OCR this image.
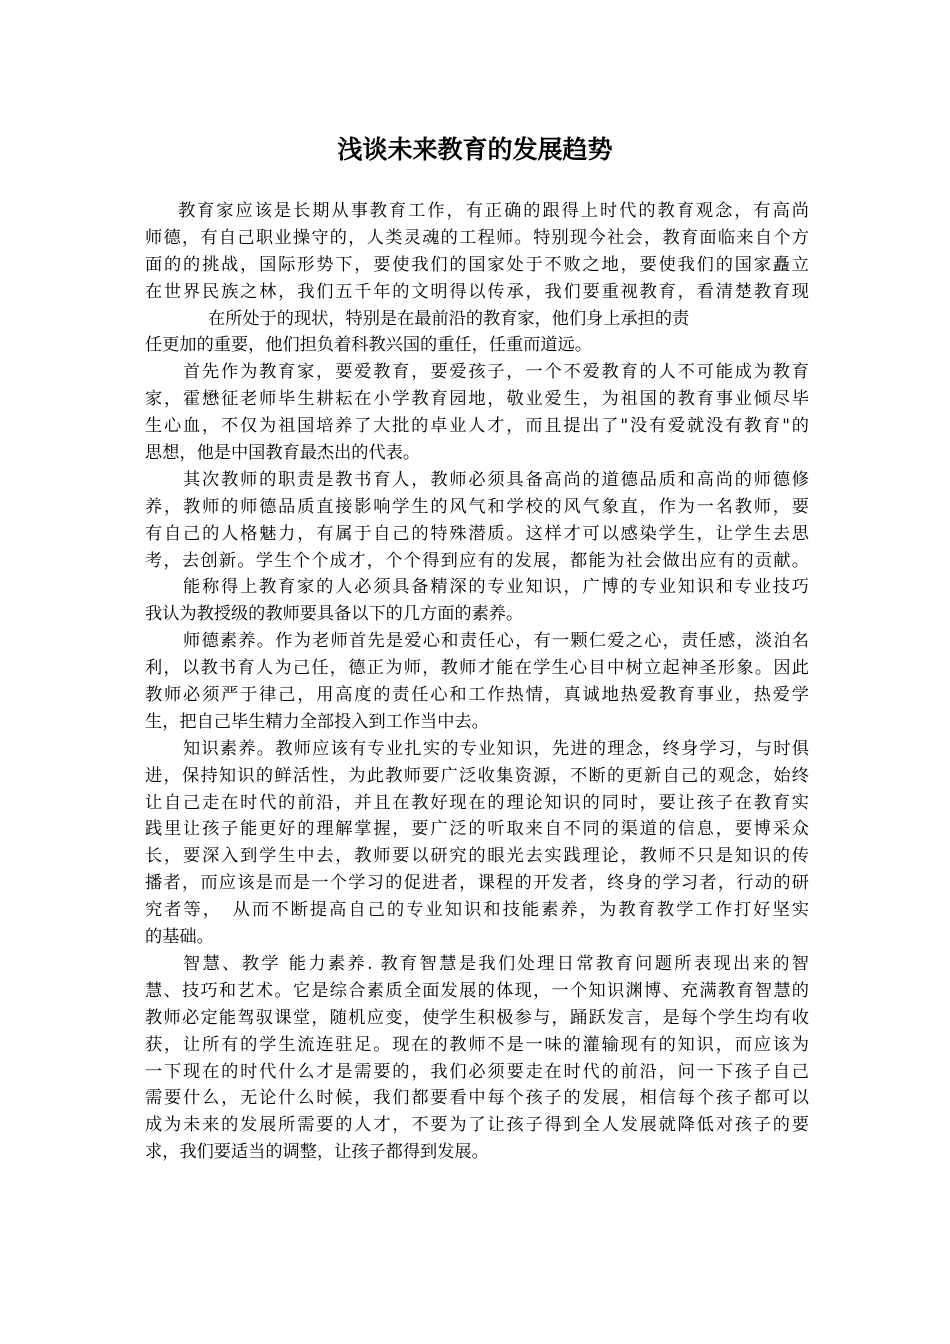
浅谈未来教育的发展趋势
教育家应该是长期从事教育工作，有正确的跟得上时代的教育观念，有高尚
师德，有自己职业操守的，人类灵魂的工程师。特别现今社会，教育面临来自个方
面的的挑战，国际形势下，要使我们的国家处于不败之地，要使我们的国家矗立
在世界民族之林，我们五千年的文明得以传承，我们要重视教育，看清楚教育现
在所处于的现状，特别是在最前沿的教育家，他们身上承担的责
任更加的重要，他们担负着科教兴国的重任，任重而道远。
首先作为教育家，要爱教育，要爱孩子，一个不爱教育的人不可能成为教育
家，霍懋征老师毕生耕耘在小学教育园地，敬业爱生，为祖国的教育事业倾尽毕
生心血，不仅为祖国培养了大批的卓业人才，而且提出了"没有爱就没有教育"的
思想，他是中国教育最杰出的代表。
其次教师的职责是教书育人，教师必须具备高尚的道德品质和高尚的师德修
养，教师的师德品质直接影响学生的风气和学校的风气象直，作为一名教师，要
有自己的人格魅力，有属于自己的特殊潜质。这样才可以感染学生，让学生去思
考，去创新。学生个个成才，个个得到应有的发展，都能为社会做出应有的贡献。
能称得上教育家的人必须具备精深的专业知识，广博的专业知识和专业技巧
我认为教授级的教师要具备以下的几方面的素养。
师德素养。作为老师首先是爱心和责任心，有一颗仁爱之心，责任感，淡泊名
利，以教书育人为己任，德正为师，教师才能在学生心目中树立起神圣形象。因此
教师必须严于律己，用高度的责任心和工作热情，真诚地热爱教育事业，热爱学
生，把自己毕生精力全部投入到工作当中去。
知识素养。教师应该有专业扎实的专业知识，先进的理念，终身学习，与时俱
进，保持知识的鲜活性，为此教师要广泛收集资源，不断的更新自己的观念，始终
让自己走在时代的前沿，并且在教好现在的理论知识的同时，要让孩子在教育实
践里让孩子能更好的理解掌握，要广泛的听取来自不同的渠道的信息，要博采众
长，要深入到学生中去，教师要以研究的眼光去实践理论，教师不只是知识的传
播者，而应该是而是一个学习的促进者，课程的开发者，终身的学习者，行动的研
究者等，　从而不断提高自己的专业知识和技能素养，为教育教学工作打好坚实
的基础。
智慧、教学 能力素养. 教育智慧是我们处理日常教育问题所表现出来的智
慧、技巧和艺术。它是综合素质全面发展的体现，一个知识渊博、充满教育智慧的
教师必定能驾驭课堂，随机应变，使学生积极参与，踊跃发言，是每个学生均有收
获，让所有的学生流连驻足。现在的教师不是一味的灌输现有的知识，而应该为
一下现在的时代什么才是需要的，我们必须要走在时代的前沿，问一下孩子自己
需要什么，无论什么时候，我们都要看中每个孩子的发展，相信每个孩子都可以
成为未来的发展所需要的人才，不要为了让孩子得到全人发展就降低对孩子的要
求，我们要适当的调整，让孩子都得到发展。
